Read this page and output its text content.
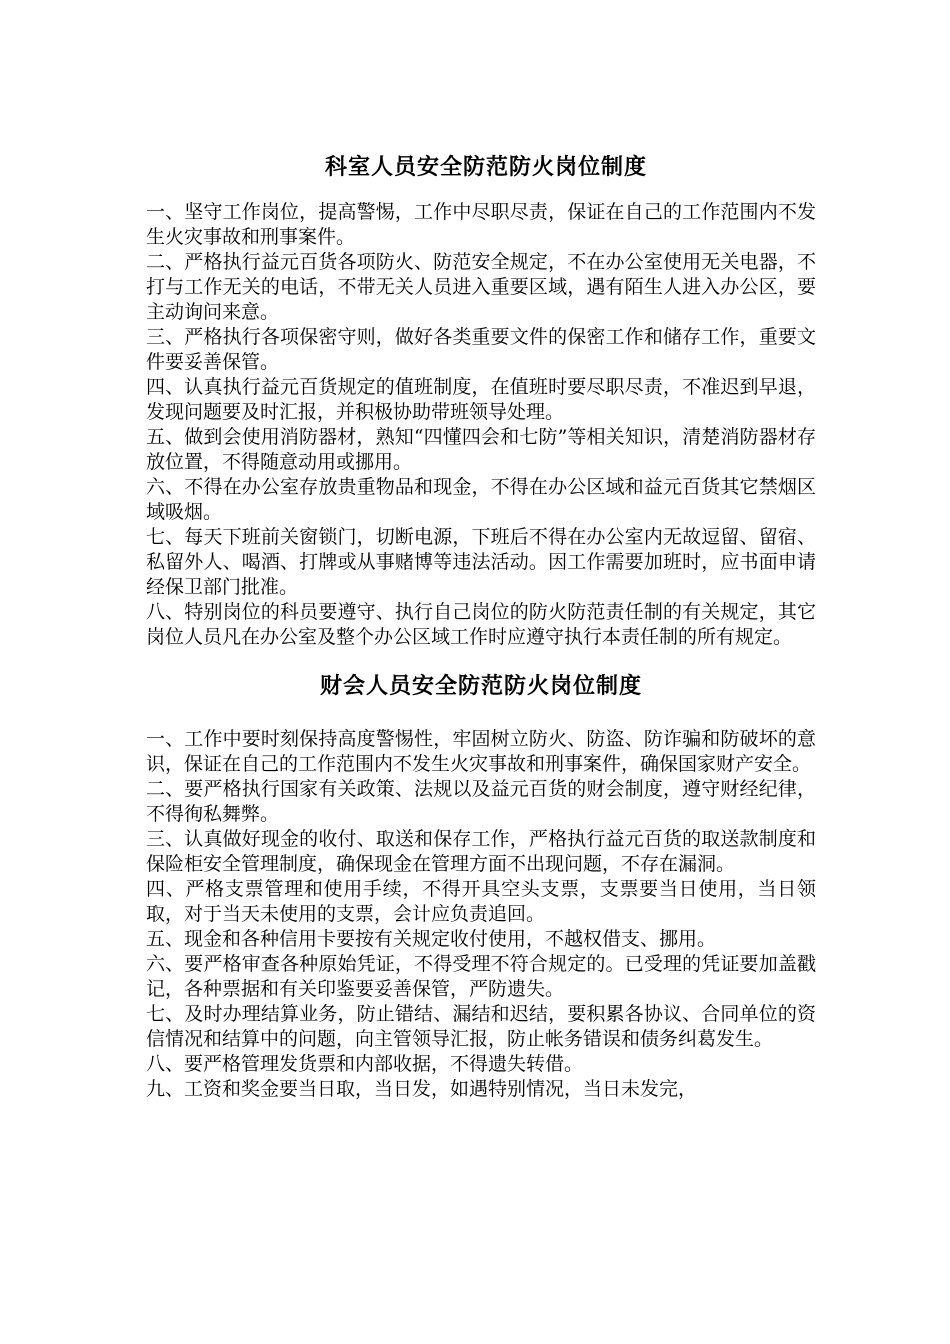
科室人员安全防范防火岗位制度

一、坚守工作岗位，提高警惕，工作中尽职尽责，保证在自己的工作范围内不发生火灾事故和刑事案件。

二、严格执行益元百货各项防火、防范安全规定，不在办公室使用无关电器，不打与工作无关的电话，不带无关人员进入重要区域，遇有陌生人进入办公区，要主动询问来意。

三、严格执行各项保密守则，做好各类重要文件的保密工作和储存工作，重要文件要妥善保管。

四、认真执行益元百货规定的值班制度，在值班时要尽职尽责，不准迟到早退，发现问题要及时汇报，并积极协助带班领导处理。

五、做到会使用消防器材，熟知“四懂四会和七防”等相关知识，清楚消防器材存放位置，不得随意动用或挪用。

六、不得在办公室存放贵重物品和现金，不得在办公区域和益元百货其它禁烟区域吸烟。

七、每天下班前关窗锁门，切断电源，下班后不得在办公室内无故逗留、留宿、私留外人、喝酒、打牌或从事赌博等违法活动。因工作需要加班时，应书面申请经保卫部门批准。

八、特别岗位的科员要遵守、执行自己岗位的防火防范责任制的有关规定，其它岗位人员凡在办公室及整个办公区域工作时应遵守执行本责任制的所有规定。

财会人员安全防范防火岗位制度

一、工作中要时刻保持高度警惕性，牢固树立防火、防盗、防诈骗和防破坏的意识，保证在自己的工作范围内不发生火灾事故和刑事案件，确保国家财产安全。

二、要严格执行国家有关政策、法规以及益元百货的财会制度，遵守财经纪律，不得徇私舞弊。

三、认真做好现金的收付、取送和保存工作，严格执行益元百货的取送款制度和保险柜安全管理制度，确保现金在管理方面不出现问题，不存在漏洞。

四、严格支票管理和使用手续，不得开具空头支票，支票要当日使用，当日领取，对于当天未使用的支票，会计应负责追回。

五、现金和各种信用卡要按有关规定收付使用，不越权借支、挪用。

六、要严格审查各种原始凭证，不得受理不符合规定的。已受理的凭证要加盖戳记，各种票据和有关印鉴要妥善保管，严防遗失。

七、及时办理结算业务，防止错结、漏结和迟结，要积累各协议、合同单位的资信情况和结算中的问题，向主管领导汇报，防止帐务错误和债务纠葛发生。

八、要严格管理发货票和内部收据，不得遗失转借。

九、工资和奖金要当日取，当日发，如遇特别情况，当日未发完，
